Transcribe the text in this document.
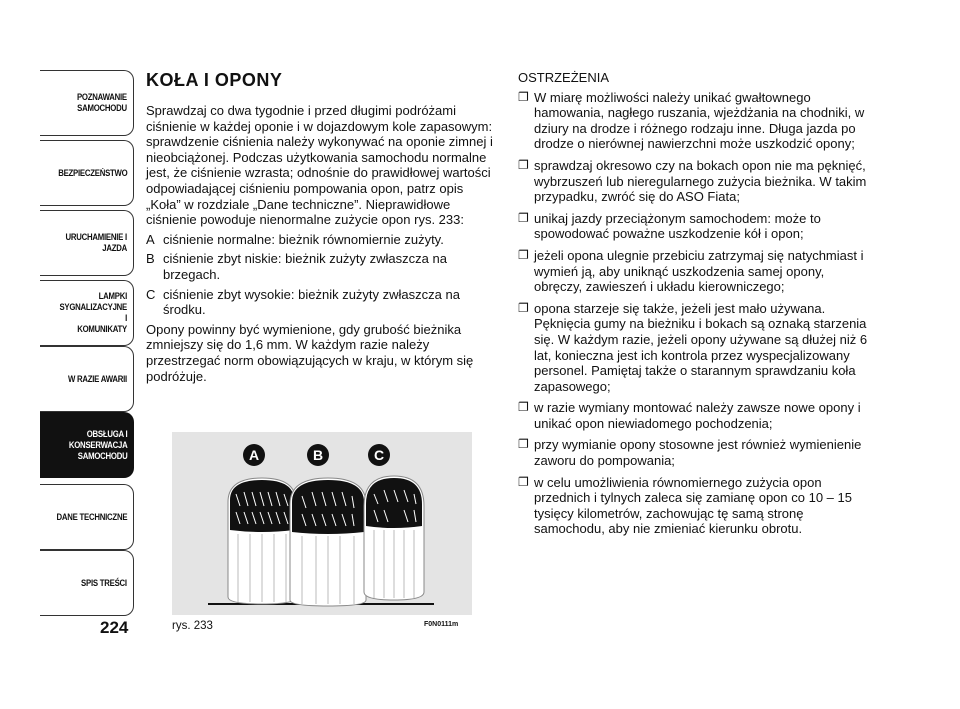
POZNAWANIE
SAMOCHODU
BEZPIECZEŃSTWO
URUCHAMIENIE I
JAZDA
LAMPKI
SYGNALIZACYJNE I
KOMUNIKATY
W RAZIE AWARII
OBSŁUGA I
KONSERWACJA
SAMOCHODU
DANE TECHNICZNE
SPIS TREŚCI
224
KOŁA I OPONY

Sprawdzaj co dwa tygodnie i przed długimi podróżami ciśnienie w każdej oponie i w dojazdowym kole zapasowym: sprawdzenie ciśnienia należy wykonywać na oponie zimnej i nieobciążonej. Podczas użytkowania samochodu normalne jest, że ciśnienie wzrasta; odnośnie do prawidłowej wartości odpowiadającej ciśnieniu pompowania opon, patrz opis „Koła” w rozdziale „Dane techniczne”. Nieprawidłowe ciśnienie powoduje nienormalne zużycie opon rys. 233:

A ciśnienie normalne: bieżnik równomiernie zużyty.
B ciśnienie zbyt niskie: bieżnik zużyty zwłaszcza na brzegach.
C ciśnienie zbyt wysokie: bieżnik zużyty zwłaszcza na środku.

Opony powinny być wymienione, gdy grubość bieżnika zmniejszy się do 1,6 mm. W każdym razie należy przestrzegać norm obowiązujących w kraju, w którym się podróżuje.

A	B	C
rys. 233	F0N0111m
OSTRZEŻENIA
❐ W miarę możliwości należy unikać gwałtownego hamowania, nagłego ruszania, wjeżdżania na chodniki, w dziury na drodze i różnego rodzaju inne. Długa jazda po drodze o nierównej nawierzchni może uszkodzić opony;
❐ sprawdzaj okresowo czy na bokach opon nie ma pęknięć, wybrzuszeń lub nieregularnego zużycia bieżnika. W takim przypadku, zwróć się do ASO Fiata;
❐ unikaj jazdy przeciążonym samochodem: może to spowodować poważne uszkodzenie kół i opon;
❐ jeżeli opona ulegnie przebiciu zatrzymaj się natychmiast i wymień ją, aby uniknąć uszkodzenia samej opony, obręczy, zawieszeń i układu kierowniczego;
❐ opona starzeje się także, jeżeli jest mało używana. Pęknięcia gumy na bieżniku i bokach są oznaką starzenia się. W każdym razie, jeżeli opony używane są dłużej niż 6 lat, konieczna jest ich kontrola przez wyspecjalizowany personel. Pamiętaj także o starannym sprawdzaniu koła zapasowego;
❐ w razie wymiany montować należy zawsze nowe opony i unikać opon niewiadomego pochodzenia;
❐ przy wymianie opony stosowne jest również wymienienie zaworu do pompowania;
❐ w celu umożliwienia równomiernego zużycia opon przednich i tylnych zaleca się zamianę opon co 10 – 15 tysięcy kilometrów, zachowując tę samą stronę samochodu, aby nie zmieniać kierunku obrotu.
